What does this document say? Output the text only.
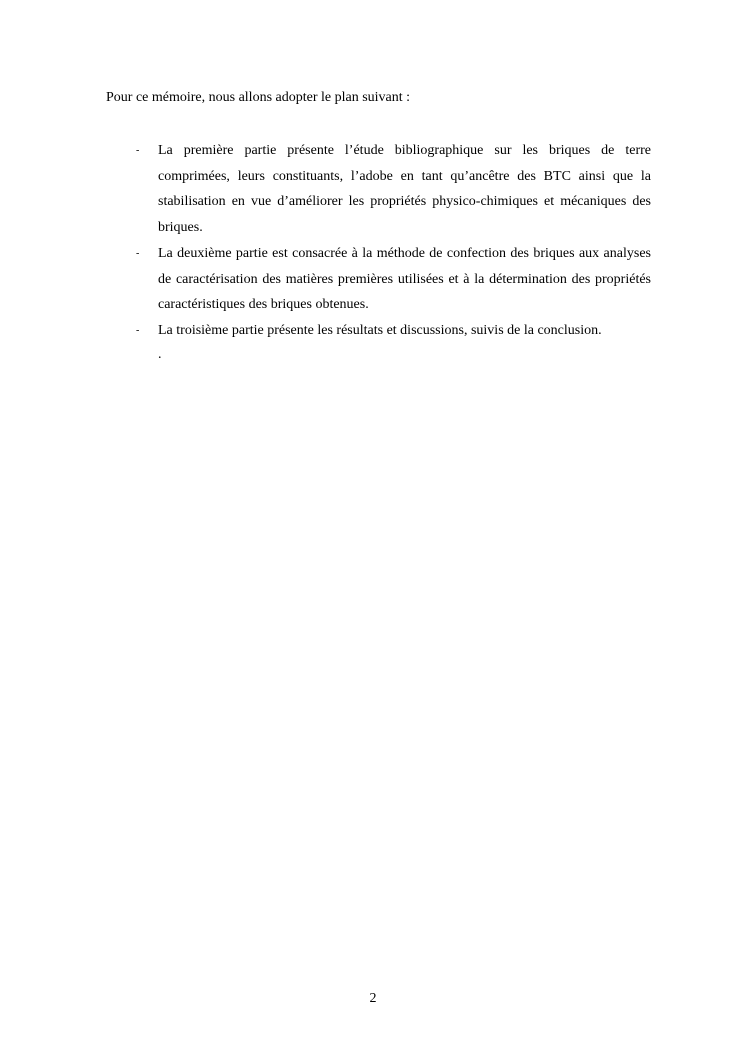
Pour ce mémoire, nous allons adopter le plan suivant :

- La première partie présente l’étude bibliographique sur les briques de terre comprimées, leurs constituants, l’adobe en tant qu’ancêtre des BTC ainsi que la stabilisation en vue d’améliorer les propriétés physico-chimiques et mécaniques des briques.
- La deuxième partie est consacrée à la méthode de confection des briques aux analyses de caractérisation des matières premières utilisées et à la détermination des propriétés caractéristiques des briques obtenues.
- La troisième partie présente les résultats et discussions, suivis de la conclusion.

.

2
